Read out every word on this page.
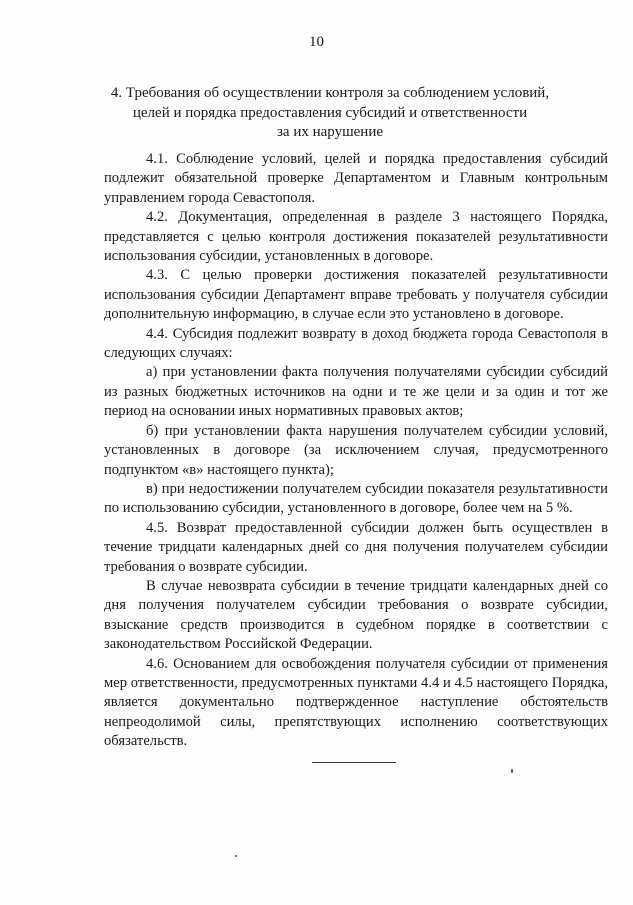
10
4. Требования об осуществлении контроля за соблюдением условий,
целей и порядка предоставления субсидий и ответственности
за их нарушение

4.1. Соблюдение условий, целей и порядка предоставления субсидий подлежит обязательной проверке Департаментом и Главным контрольным управлением города Севастополя.

4.2. Документация, определенная в разделе 3 настоящего Порядка, представляется с целью контроля достижения показателей результативности использования субсидии, установленных в договоре.

4.3. С целью проверки достижения показателей результативности использования субсидии Департамент вправе требовать у получателя субсидии дополнительную информацию, в случае если это установлено в договоре.

4.4. Субсидия подлежит возврату в доход бюджета города Севастополя в следующих случаях:

а) при установлении факта получения получателями субсидии субсидий из разных бюджетных источников на одни и те же цели и за один и тот же период на основании иных нормативных правовых актов;

б) при установлении факта нарушения получателем субсидии условий, установленных в договоре (за исключением случая, предусмотренного подпунктом «в» настоящего пункта);

в) при недостижении получателем субсидии показателя результативности по использованию субсидии, установленного в договоре, более чем на 5 %.

4.5. Возврат предоставленной субсидии должен быть осуществлен в течение тридцати календарных дней со дня получения получателем субсидии требования о возврате субсидии.

В случае невозврата субсидии в течение тридцати календарных дней со дня получения получателем субсидии требования о возврате субсидии, взыскание средств производится в судебном порядке в соответствии с законодательством Российской Федерации.

4.6. Основанием для освобождения получателя субсидии от применения мер ответственности, предусмотренных пунктами 4.4 и 4.5 настоящего Порядка, является документально подтвержденное наступление обстоятельств непреодолимой силы, препятствующих исполнению соответствующих обязательств.
